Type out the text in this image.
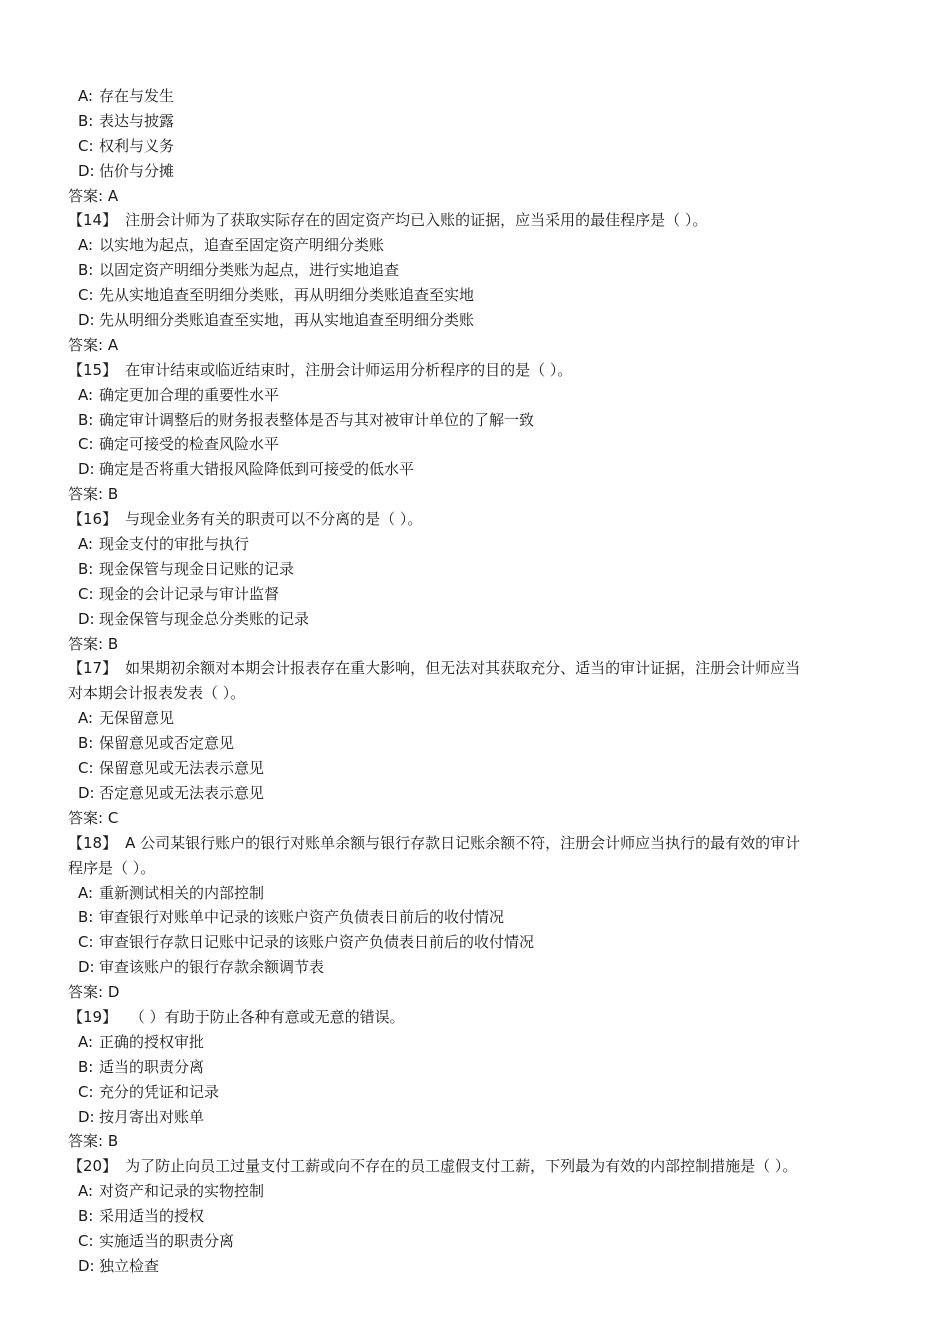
A: 存在与发生
B: 表达与披露
C: 权利与义务
D: 估价与分摊
答案: A
【14】 注册会计师为了获取实际存在的固定资产均已入账的证据，应当采用的最佳程序是（ ）。
A: 以实地为起点，追查至固定资产明细分类账
B: 以固定资产明细分类账为起点，进行实地追查
C: 先从实地追查至明细分类账，再从明细分类账追查至实地
D: 先从明细分类账追查至实地，再从实地追查至明细分类账
答案: A
【15】 在审计结束或临近结束时，注册会计师运用分析程序的目的是（ ）。
A: 确定更加合理的重要性水平
B: 确定审计调整后的财务报表整体是否与其对被审计单位的了解一致
C: 确定可接受的检查风险水平
D: 确定是否将重大错报风险降低到可接受的低水平
答案: B
【16】 与现金业务有关的职责可以不分离的是（ ）。
A: 现金支付的审批与执行
B: 现金保管与现金日记账的记录
C: 现金的会计记录与审计监督
D: 现金保管与现金总分类账的记录
答案: B
【17】 如果期初余额对本期会计报表存在重大影响，但无法对其获取充分、适当的审计证据，注册会计师应当
对本期会计报表发表（ ）。
A: 无保留意见
B: 保留意见或否定意见
C: 保留意见或无法表示意见
D: 否定意见或无法表示意见
答案: C
【18】 A 公司某银行账户的银行对账单余额与银行存款日记账余额不符，注册会计师应当执行的最有效的审计
程序是（ ）。
A: 重新测试相关的内部控制
B: 审查银行对账单中记录的该账户资产负债表日前后的收付情况
C: 审查银行存款日记账中记录的该账户资产负债表日前后的收付情况
D: 审查该账户的银行存款余额调节表
答案: D
【19】 （ ）有助于防止各种有意或无意的错误。
A: 正确的授权审批
B: 适当的职责分离
C: 充分的凭证和记录
D: 按月寄出对账单
答案: B
【20】 为了防止向员工过量支付工薪或向不存在的员工虚假支付工薪，下列最为有效的内部控制措施是（ ）。
A: 对资产和记录的实物控制
B: 采用适当的授权
C: 实施适当的职责分离
D: 独立检查
